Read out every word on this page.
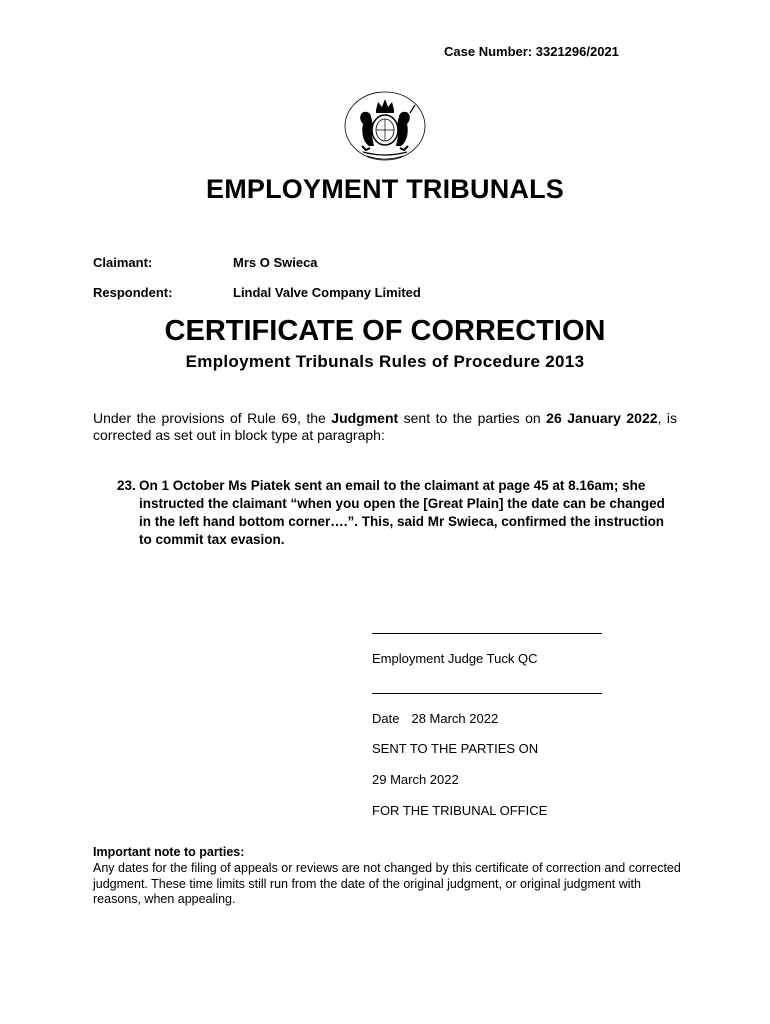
Case Number: 3321296/2021
EMPLOYMENT TRIBUNALS
Claimant:	Mrs O Swieca
Respondent:	Lindal Valve Company Limited
CERTIFICATE OF CORRECTION
Employment Tribunals Rules of Procedure 2013
Under the provisions of Rule 69, the Judgment sent to the parties on 26 January 2022, is corrected as set out in block type at paragraph:
23. On 1 October Ms Piatek sent an email to the claimant at page 45 at 8.16am; she instructed the claimant “when you open the [Great Plain] the date can be changed in the left hand bottom corner….”. This, said Mr Swieca, confirmed the instruction to commit tax evasion.
Employment Judge Tuck QC
Date 28 March 2022
SENT TO THE PARTIES ON
29 March 2022
FOR THE TRIBUNAL OFFICE
Important note to parties:
Any dates for the filing of appeals or reviews are not changed by this certificate of correction and corrected judgment. These time limits still run from the date of the original judgment, or original judgment with reasons, when appealing.
